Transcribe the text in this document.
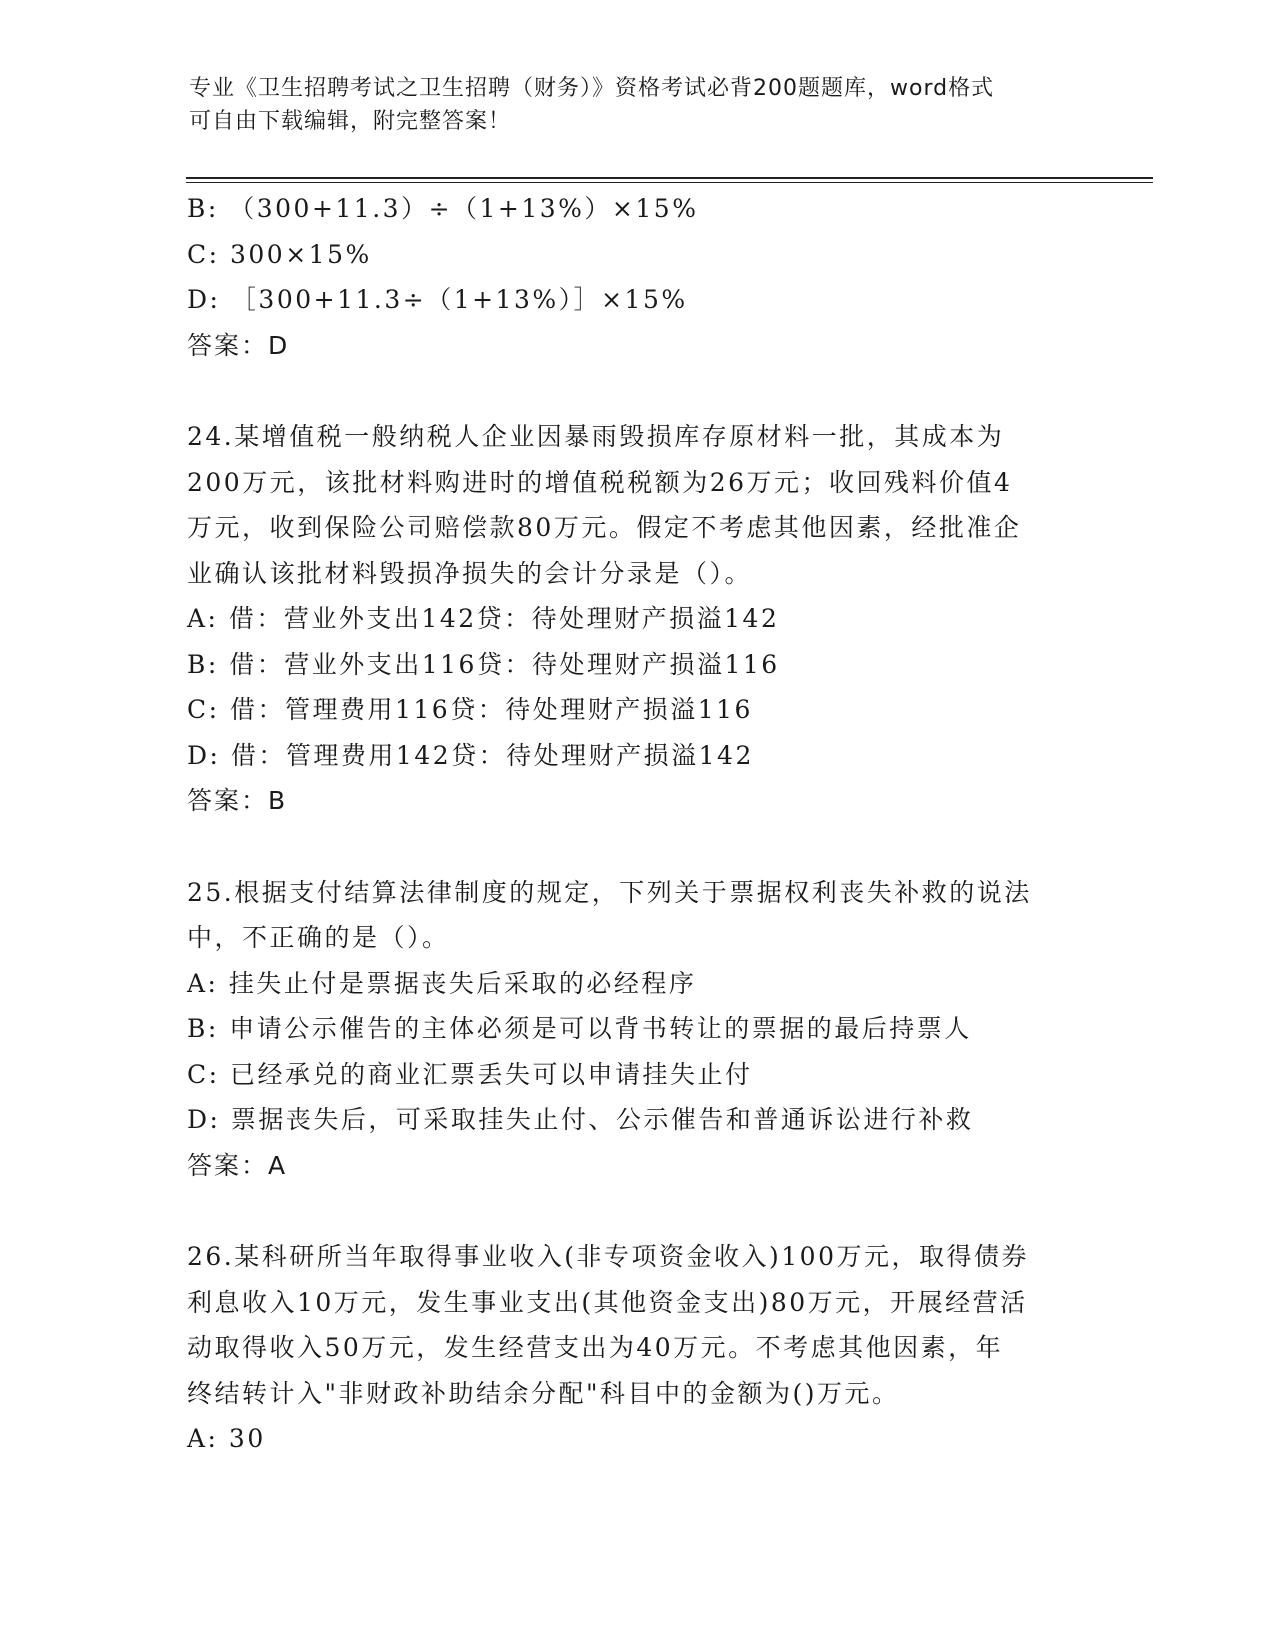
专业《卫生招聘考试之卫生招聘（财务）》资格考试必背200题题库，word格式
可自由下载编辑，附完整答案！
B: （300+11.3）÷（1+13%）×15%
C: 300×15%
D: ［300+11.3÷（1+13%）］×15%
答案：D
24.某增值税一般纳税人企业因暴雨毁损库存原材料一批，其成本为
200万元，该批材料购进时的增值税税额为26万元；收回残料价值4
万元，收到保险公司赔偿款80万元。假定不考虑其他因素，经批准企
业确认该批材料毁损净损失的会计分录是（）。
A: 借：营业外支出142贷：待处理财产损溢142
B: 借：营业外支出116贷：待处理财产损溢116
C: 借：管理费用116贷：待处理财产损溢116
D: 借：管理费用142贷：待处理财产损溢142
答案：B
25.根据支付结算法律制度的规定，下列关于票据权利丧失补救的说法
中，不正确的是（）。
A: 挂失止付是票据丧失后采取的必经程序
B: 申请公示催告的主体必须是可以背书转让的票据的最后持票人
C: 已经承兑的商业汇票丢失可以申请挂失止付
D: 票据丧失后，可采取挂失止付、公示催告和普通诉讼进行补救
答案：A
26.某科研所当年取得事业收入(非专项资金收入)100万元，取得债券
利息收入10万元，发生事业支出(其他资金支出)80万元，开展经营活
动取得收入50万元，发生经营支出为40万元。不考虑其他因素，年
终结转计入"非财政补助结余分配"科目中的金额为()万元。
A: 30
